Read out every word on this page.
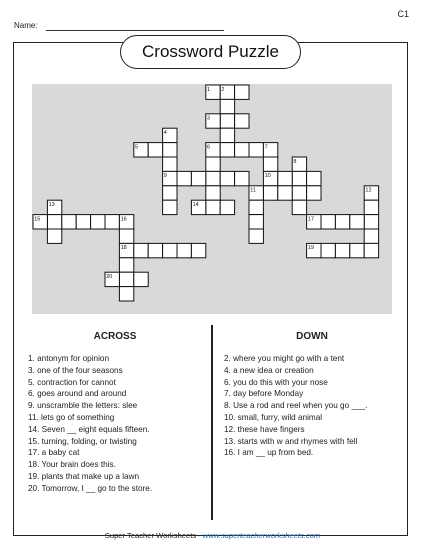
C1
Name:
Crossword Puzzle
1 2
3
4
5	6	7
8
9	10
11	12
13	14
15	16	17
18	19
20
ACROSS
1. antonym for opinion
3. one of the four seasons
5. contraction for cannot
6. goes around and around
9. unscramble the letters: slee
11. lets go of something
14. Seven __ eight equals fifteen.
15. turning, folding, or twisting
17. a baby cat
18. Your brain does this.
19. plants that make up a lawn
20. Tomorrow, I __ go to the store.
DOWN
2. where you might go with a tent
4. a new idea or creation
6. you do this with your nose
7. day before Monday
8. Use a rod and reel when you go ___.
10. small, furry, wild animal
12. these have fingers
13. starts with w and rhymes with fell
16. I am __ up from bed.
Super Teacher Worksheets - www.superteacherworksheets.com
